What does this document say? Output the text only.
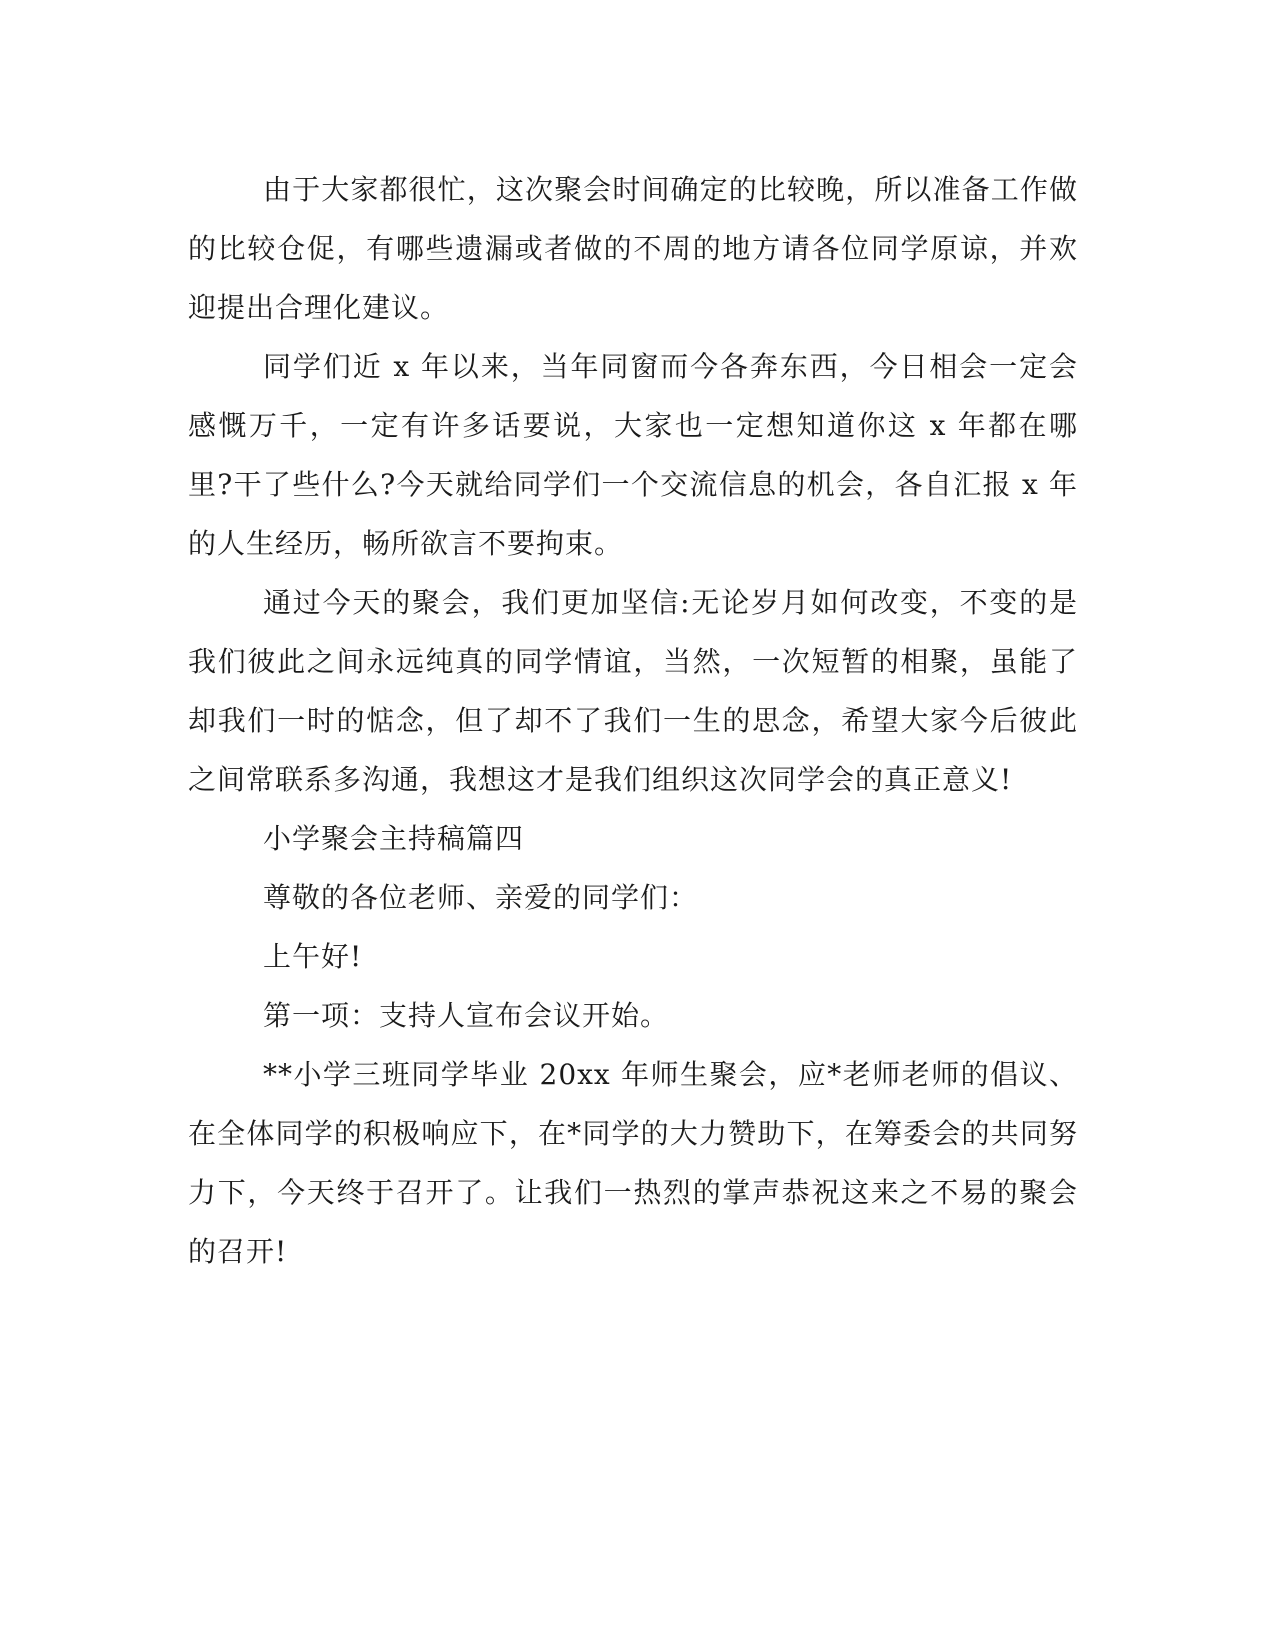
由于大家都很忙，这次聚会时间确定的比较晚，所以准备工作做的比较仓促，有哪些遗漏或者做的不周的地方请各位同学原谅，并欢迎提出合理化建议。

同学们近 x 年以来，当年同窗而今各奔东西，今日相会一定会感慨万千，一定有许多话要说，大家也一定想知道你这 x 年都在哪里?干了些什么?今天就给同学们一个交流信息的机会，各自汇报 x 年的人生经历，畅所欲言不要拘束。

通过今天的聚会，我们更加坚信:无论岁月如何改变，不变的是我们彼此之间永远纯真的同学情谊，当然，一次短暂的相聚，虽能了却我们一时的惦念，但了却不了我们一生的思念，希望大家今后彼此之间常联系多沟通，我想这才是我们组织这次同学会的真正意义!

小学聚会主持稿篇四

尊敬的各位老师、亲爱的同学们：

上午好!

第一项：支持人宣布会议开始。

**小学三班同学毕业 20xx 年师生聚会，应*老师老师的倡议、在全体同学的积极响应下，在*同学的大力赞助下，在筹委会的共同努力下，今天终于召开了。让我们一热烈的掌声恭祝这来之不易的聚会的召开!
